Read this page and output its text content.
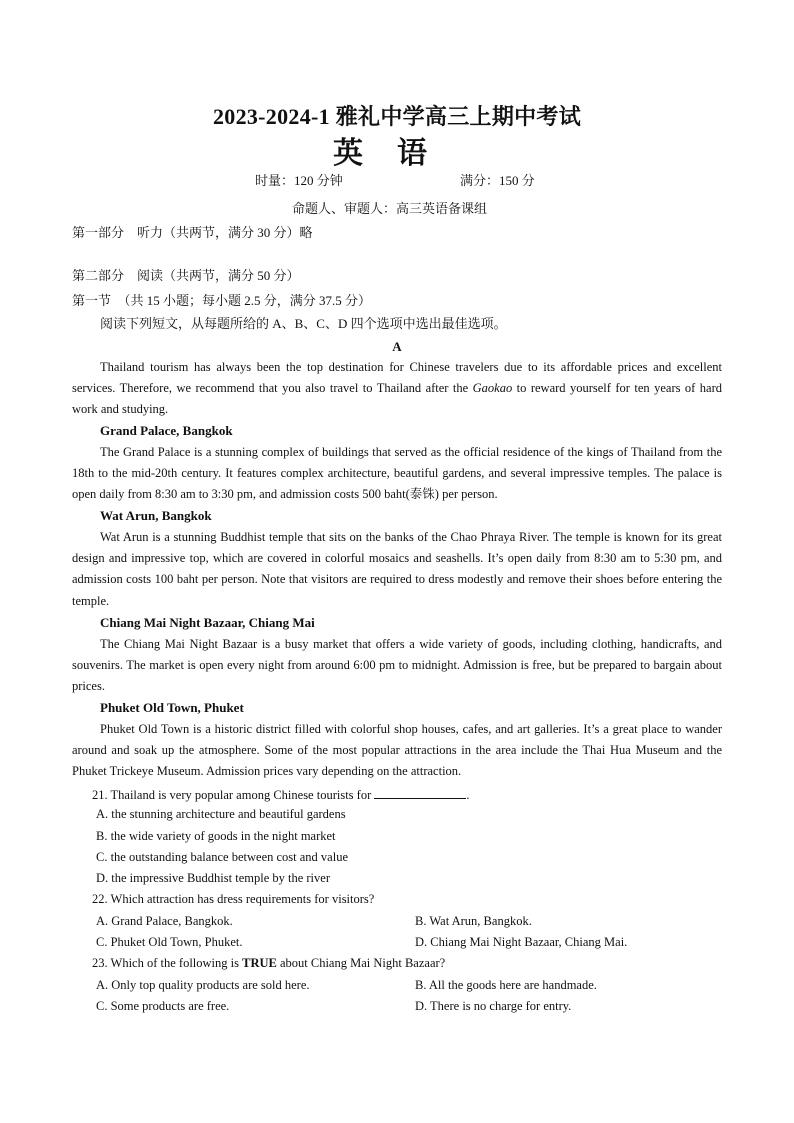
2023-2024-1 雅礼中学高三上期中考试
英语
时量：120 分钟	满分：150 分
命题人、审题人：高三英语备课组
第一部分　听力（共两节，满分 30 分）略
第二部分　阅读（共两节，满分 50 分）
第一节　（共 15 小题；每小题 2.5 分，满分 37.5 分）
阅读下列短文，从每题所给的 A、B、C、D 四个选项中选出最佳选项。
A

Thailand tourism has always been the top destination for Chinese travelers due to its affordable prices and excellent services. Therefore, we recommend that you also travel to Thailand after the Gaokao to reward yourself for ten years of hard work and studying.

Grand Palace, Bangkok

The Grand Palace is a stunning complex of buildings that served as the official residence of the kings of Thailand from the 18th to the mid-20th century. It features complex architecture, beautiful gardens, and several impressive temples. The palace is open daily from 8:30 am to 3:30 pm, and admission costs 500 baht(泰铢) per person.

Wat Arun, Bangkok

Wat Arun is a stunning Buddhist temple that sits on the banks of the Chao Phraya River. The temple is known for its great design and impressive top, which are covered in colorful mosaics and seashells. It’s open daily from 8:30 am to 5:30 pm, and admission costs 100 baht per person. Note that visitors are required to dress modestly and remove their shoes before entering the temple.

Chiang Mai Night Bazaar, Chiang Mai

The Chiang Mai Night Bazaar is a busy market that offers a wide variety of goods, including clothing, handicrafts, and souvenirs. The market is open every night from around 6:00 pm to midnight. Admission is free, but be prepared to bargain about prices.

Phuket Old Town, Phuket

Phuket Old Town is a historic district filled with colorful shop houses, cafes, and art galleries. It’s a great place to wander around and soak up the atmosphere. Some of the most popular attractions in the area include the Thai Hua Museum and the Phuket Trickeye Museum. Admission prices vary depending on the attraction.

21. Thailand is very popular among Chinese tourists for	.
A. the stunning architecture and beautiful gardens
B. the wide variety of goods in the night market
C. the outstanding balance between cost and value
D. the impressive Buddhist temple by the river
22. Which attraction has dress requirements for visitors?
A. Grand Palace, Bangkok.	B. Wat Arun, Bangkok.
C. Phuket Old Town, Phuket.	D. Chiang Mai Night Bazaar, Chiang Mai.
23. Which of the following is TRUE about Chiang Mai Night Bazaar?
A. Only top quality products are sold here.	B. All the goods here are handmade.
C. Some products are free.	D. There is no charge for entry.
